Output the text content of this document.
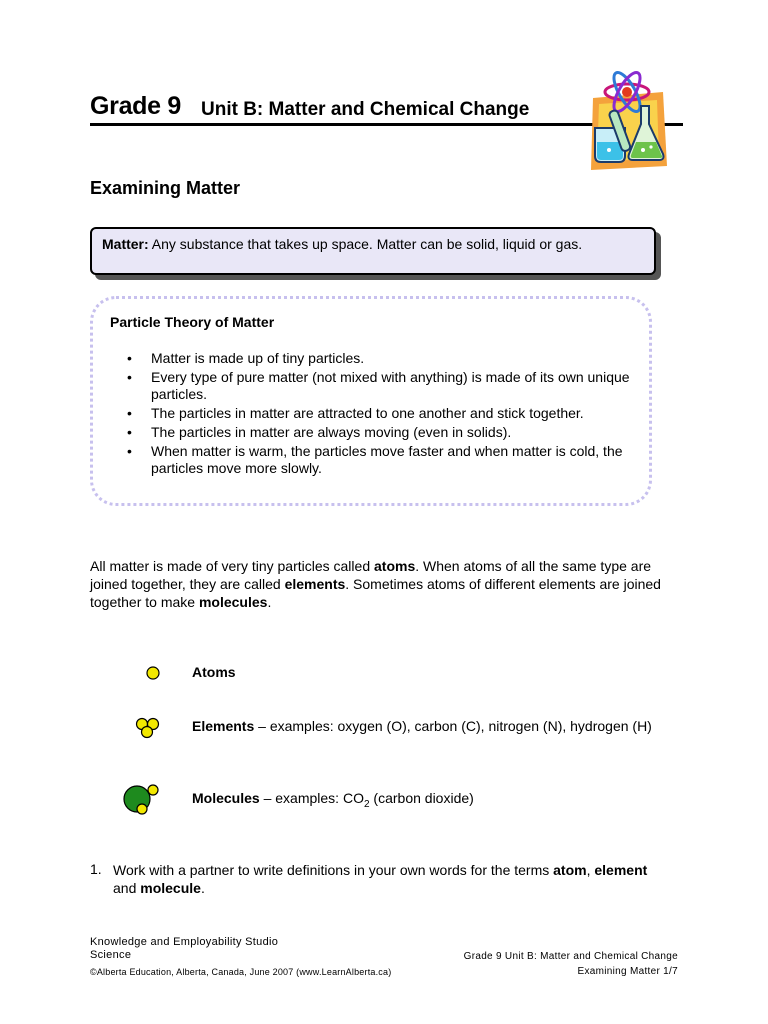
Grade 9 Unit B: Matter and Chemical Change
Examining Matter
Matter: Any substance that takes up space. Matter can be solid, liquid or gas.
Particle Theory of Matter
• Matter is made up of tiny particles.
• Every type of pure matter (not mixed with anything) is made of its own unique particles.
• The particles in matter are attracted to one another and stick together.
• The particles in matter are always moving (even in solids).
• When matter is warm, the particles move faster and when matter is cold, the particles move more slowly.
All matter is made of very tiny particles called atoms. When atoms of all the same type are joined together, they are called elements. Sometimes atoms of different elements are joined together to make molecules.
Atoms
Elements – examples: oxygen (O), carbon (C), nitrogen (N), hydrogen (H)
Molecules – examples: $CO_2$ (carbon dioxide)
1. Work with a partner to write definitions in your own words for the terms atom, element and molecule.
Knowledge and Employability Studio
Science
©Alberta Education, Alberta, Canada, June 2007 (www.LearnAlberta.ca)
Grade 9 Unit B: Matter and Chemical Change
Examining Matter 1/7
